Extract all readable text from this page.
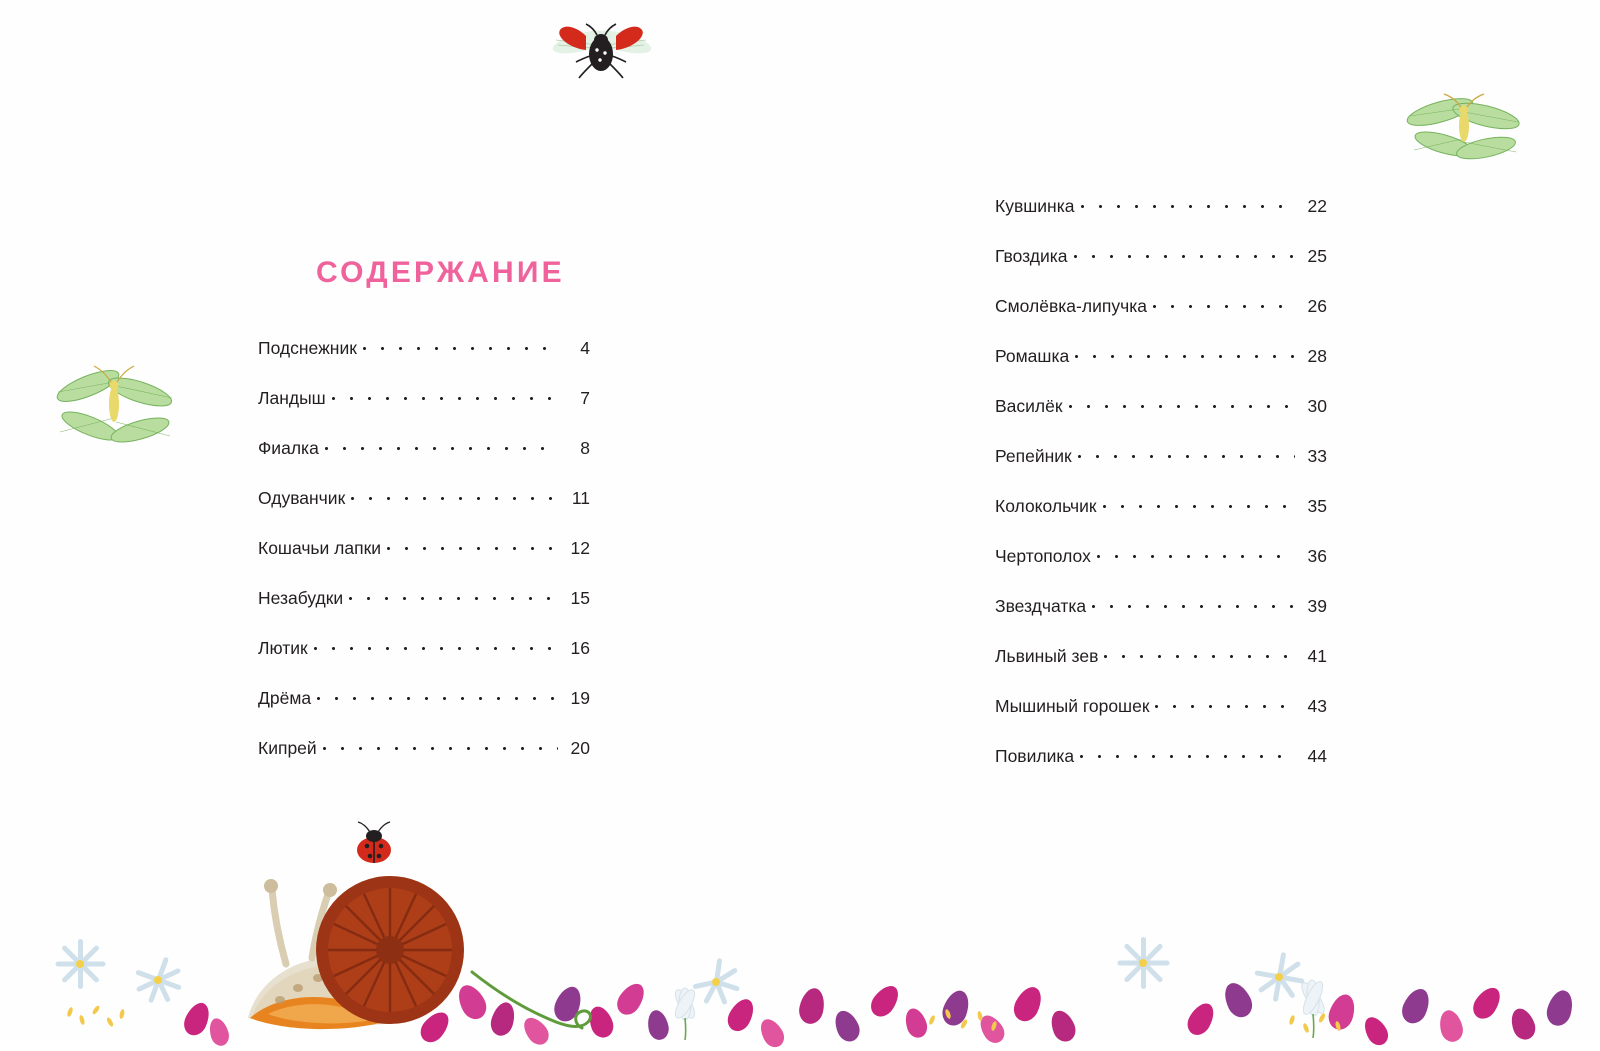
СОДЕРЖАНИЕ
Подснежник	4
Ландыш	7
Фиалка	8
Одуванчик	11
Кошачьи лапки	12
Незабудки	15
Лютик	16
Дрёма	19
Кипрей	20
Кувшинка	22
Гвоздика	25
Смолёвка-липучка	26
Ромашка	28
Василёк	30
Репейник	33
Колокольчик	35
Чертополох	36
Звездчатка	39
Львиный зев	41
Мышиный горошек	43
Повилика	44
